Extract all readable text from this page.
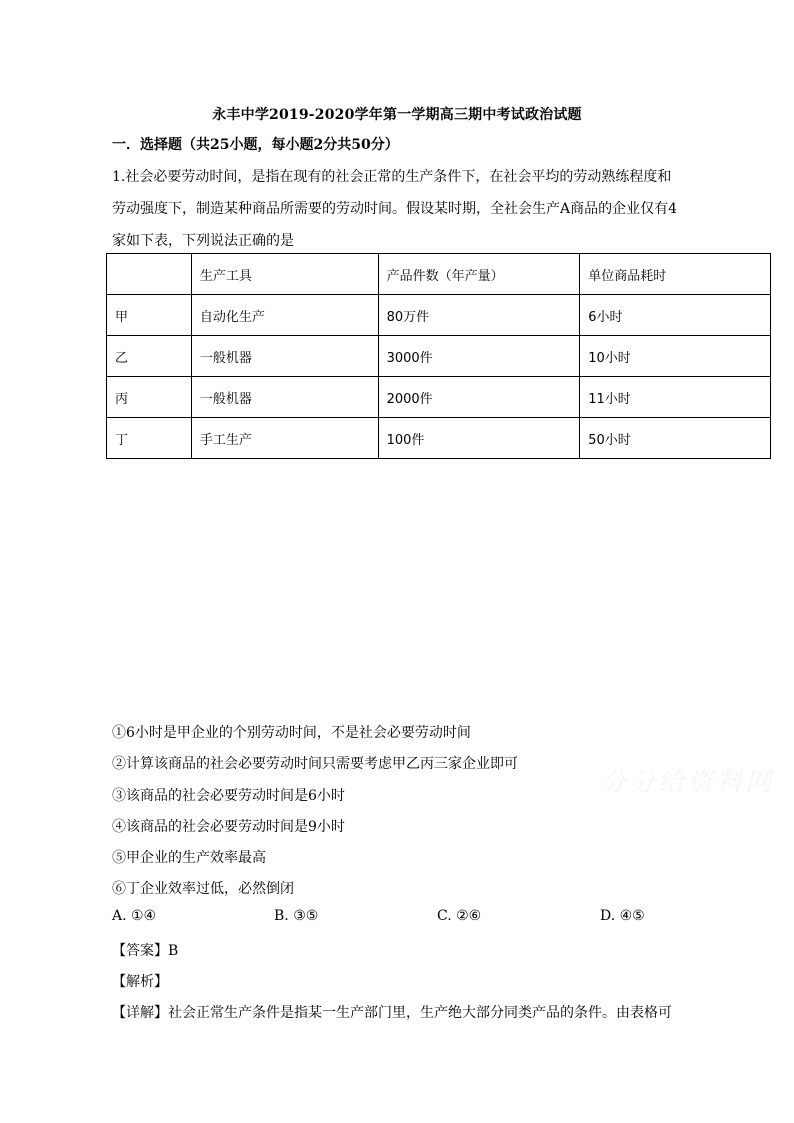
永丰中学2019-2020学年第一学期高三期中考试政治试题
一．选择题（共25小题，每小题2分共50分）
1.社会必要劳动时间，是指在现有的社会正常的生产条件下，在社会平均的劳动熟练程度和
劳动强度下，制造某种商品所需要的劳动时间。假设某时期，全社会生产A商品的企业仅有4
家如下表，下列说法正确的是
	生产工具	产品件数（年产量）	单位商品耗时
甲	自动化生产	80万件	6小时
乙	一般机器	3000件	10小时
丙	一般机器	2000件	11小时
丁	手工生产	100件	50小时
①6小时是甲企业的个别劳动时间，不是社会必要劳动时间
②计算该商品的社会必要劳动时间只需要考虑甲乙丙三家企业即可
③该商品的社会必要劳动时间是6小时
④该商品的社会必要劳动时间是9小时
⑤甲企业的生产效率最高
⑥丁企业效率过低，必然倒闭
A. ①④	B. ③⑤	C. ②⑥	D. ④⑤
【答案】B
【解析】
【详解】社会正常生产条件是指某一生产部门里，生产绝大部分同类产品的条件。由表格可
分分给资料网
